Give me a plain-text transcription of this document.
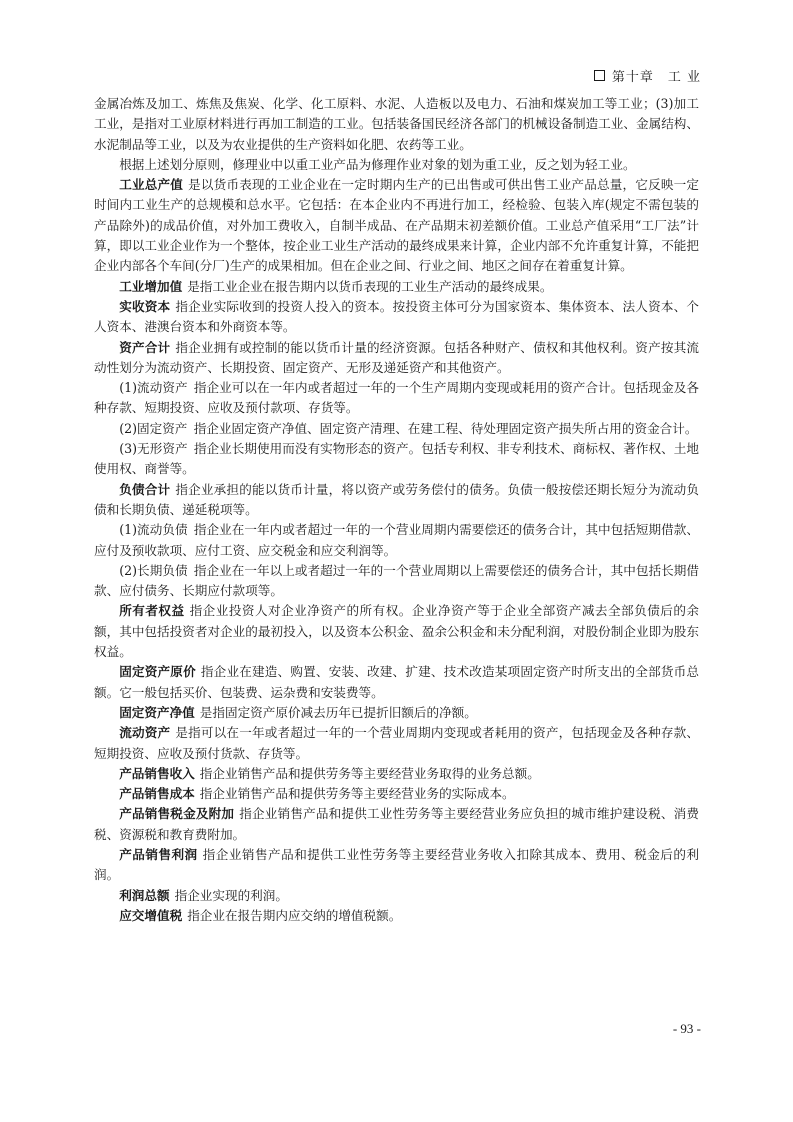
第十章 工 业

金属冶炼及加工、炼焦及焦炭、化学、化工原料、水泥、人造板以及电力、石油和煤炭加工等工业；(3)加工工业，是指对工业原材料进行再加工制造的工业。包括装备国民经济各部门的机械设备制造工业、金属结构、水泥制品等工业，以及为农业提供的生产资料如化肥、农药等工业。

根据上述划分原则，修理业中以重工业产品为修理作业对象的划为重工业，反之划为轻工业。

工业总产值 是以货币表现的工业企业在一定时期内生产的已出售或可供出售工业产品总量，它反映一定时间内工业生产的总规模和总水平。它包括：在本企业内不再进行加工，经检验、包装入库(规定不需包装的产品除外)的成品价值，对外加工费收入，自制半成品、在产品期末初差额价值。工业总产值采用“工厂法”计算，即以工业企业作为一个整体，按企业工业生产活动的最终成果来计算，企业内部不允许重复计算，不能把企业内部各个车间(分厂)生产的成果相加。但在企业之间、行业之间、地区之间存在着重复计算。

工业增加值 是指工业企业在报告期内以货币表现的工业生产活动的最终成果。

实收资本 指企业实际收到的投资人投入的资本。按投资主体可分为国家资本、集体资本、法人资本、个人资本、港澳台资本和外商资本等。

资产合计 指企业拥有或控制的能以货币计量的经济资源。包括各种财产、债权和其他权利。资产按其流动性划分为流动资产、长期投资、固定资产、无形及递延资产和其他资产。

(1)流动资产 指企业可以在一年内或者超过一年的一个生产周期内变现或耗用的资产合计。包括现金及各种存款、短期投资、应收及预付款项、存货等。

(2)固定资产 指企业固定资产净值、固定资产清理、在建工程、待处理固定资产损失所占用的资金合计。

(3)无形资产 指企业长期使用而没有实物形态的资产。包括专利权、非专利技术、商标权、著作权、土地使用权、商誉等。

负债合计 指企业承担的能以货币计量，将以资产或劳务偿付的债务。负债一般按偿还期长短分为流动负债和长期负债、递延税项等。

(1)流动负债 指企业在一年内或者超过一年的一个营业周期内需要偿还的债务合计，其中包括短期借款、应付及预收款项、应付工资、应交税金和应交利润等。

(2)长期负债 指企业在一年以上或者超过一年的一个营业周期以上需要偿还的债务合计，其中包括长期借款、应付债务、长期应付款项等。

所有者权益 指企业投资人对企业净资产的所有权。企业净资产等于企业全部资产减去全部负债后的余额，其中包括投资者对企业的最初投入，以及资本公积金、盈余公积金和未分配利润，对股份制企业即为股东权益。

固定资产原价 指企业在建造、购置、安装、改建、扩建、技术改造某项固定资产时所支出的全部货币总额。它一般包括买价、包装费、运杂费和安装费等。

固定资产净值 是指固定资产原价减去历年已提折旧额后的净额。

流动资产 是指可以在一年或者超过一年的一个营业周期内变现或者耗用的资产，包括现金及各种存款、短期投资、应收及预付货款、存货等。

产品销售收入 指企业销售产品和提供劳务等主要经营业务取得的业务总额。

产品销售成本 指企业销售产品和提供劳务等主要经营业务的实际成本。

产品销售税金及附加 指企业销售产品和提供工业性劳务等主要经营业务应负担的城市维护建设税、消费税、资源税和教育费附加。

产品销售利润 指企业销售产品和提供工业性劳务等主要经营业务收入扣除其成本、费用、税金后的利润。

利润总额 指企业实现的利润。

应交增值税 指企业在报告期内应交纳的增值税额。

- 93 -
